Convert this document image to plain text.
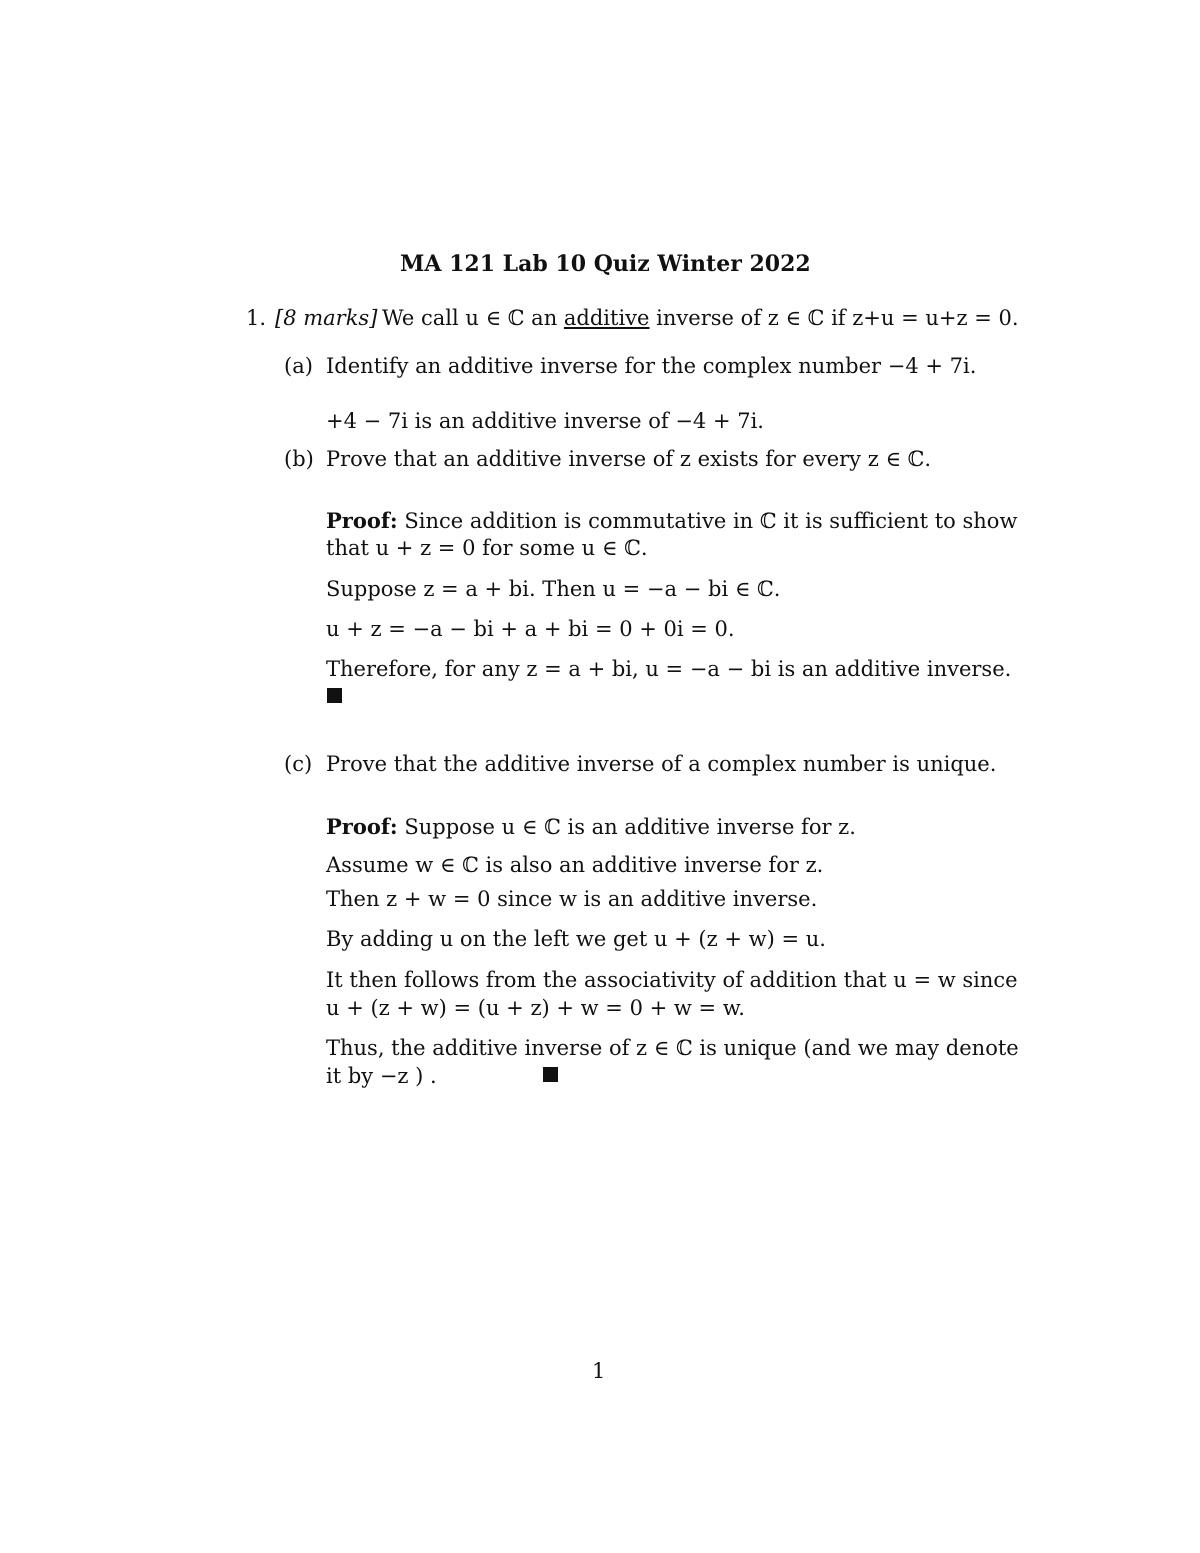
MA 121 Lab 10 Quiz Winter 2022
1. [8 marks] We call u ∈ ℂ an additive inverse of z ∈ ℂ if z+u = u+z = 0.
(a) Identify an additive inverse for the complex number −4 + 7i.
+4 − 7i is an additive inverse of −4 + 7i.
(b) Prove that an additive inverse of z exists for every z ∈ ℂ.
Proof: Since addition is commutative in ℂ it is sufficient to show
that u + z = 0 for some u ∈ ℂ.
Suppose z = a + bi. Then u = −a − bi ∈ ℂ.
u + z = −a − bi + a + bi = 0 + 0i = 0.
Therefore, for any z = a + bi, u = −a − bi is an additive inverse.
(c) Prove that the additive inverse of a complex number is unique.
Proof: Suppose u ∈ ℂ is an additive inverse for z.
Assume w ∈ ℂ is also an additive inverse for z.
Then z + w = 0 since w is an additive inverse.
By adding u on the left we get u + (z + w) = u.
It then follows from the associativity of addition that u = w since
u + (z + w) = (u + z) + w = 0 + w = w.
Thus, the additive inverse of z ∈ ℂ is unique (and we may denote
it by −z ) .
1
